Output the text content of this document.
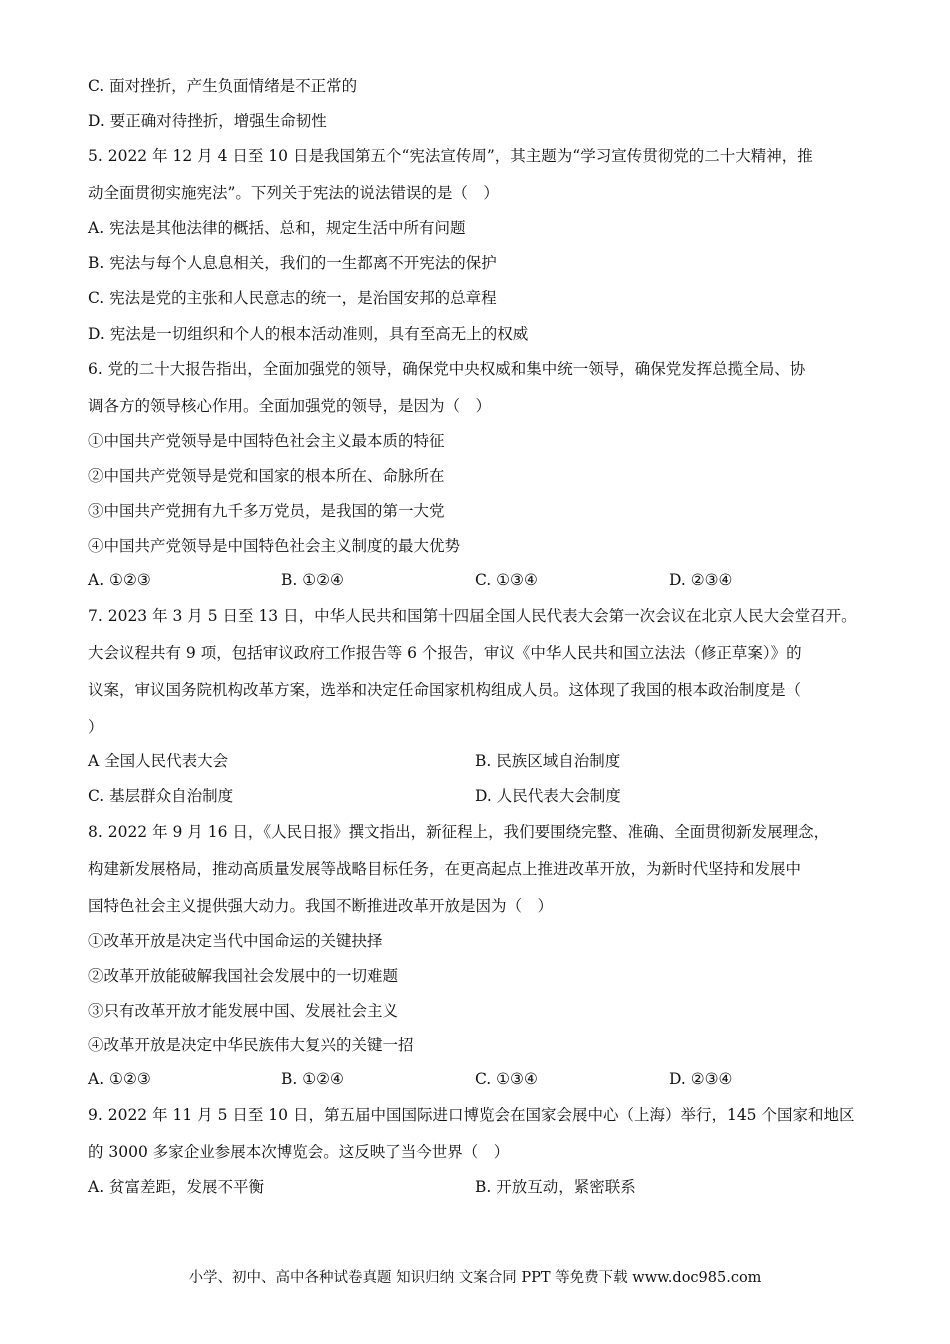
C. 面对挫折，产生负面情绪是不正常的
D. 要正确对待挫折，增强生命韧性
5. 2022 年 12 月 4 日至 10 日是我国第五个“宪法宣传周”，其主题为“学习宣传贯彻党的二十大精神，推
动全面贯彻实施宪法”。下列关于宪法的说法错误的是（　）
A. 宪法是其他法律的概括、总和，规定生活中所有问题
B. 宪法与每个人息息相关，我们的一生都离不开宪法的保护
C. 宪法是党的主张和人民意志的统一，是治国安邦的总章程
D. 宪法是一切组织和个人的根本活动准则，具有至高无上的权威
6. 党的二十大报告指出，全面加强党的领导，确保党中央权威和集中统一领导，确保党发挥总揽全局、协
调各方的领导核心作用。全面加强党的领导，是因为（　）
①中国共产党领导是中国特色社会主义最本质的特征
②中国共产党领导是党和国家的根本所在、命脉所在
③中国共产党拥有九千多万党员，是我国的第一大党
④中国共产党领导是中国特色社会主义制度的最大优势
A. ①②③	B. ①②④	C. ①③④	D. ②③④
7. 2023 年 3 月 5 日至 13 日，中华人民共和国第十四届全国人民代表大会第一次会议在北京人民大会堂召开。
大会议程共有 9 项，包括审议政府工作报告等 6 个报告，审议《中华人民共和国立法法（修正草案）》的
议案，审议国务院机构改革方案，选举和决定任命国家机构组成人员。这体现了我国的根本政治制度是（
）
A 全国人民代表大会	B. 民族区域自治制度
C. 基层群众自治制度	D. 人民代表大会制度
8. 2022 年 9 月 16 日，《人民日报》撰文指出，新征程上，我们要围绕完整、准确、全面贯彻新发展理念，
构建新发展格局，推动高质量发展等战略目标任务，在更高起点上推进改革开放，为新时代坚持和发展中
国特色社会主义提供强大动力。我国不断推进改革开放是因为（　）
①改革开放是决定当代中国命运的关键抉择
②改革开放能破解我国社会发展中的一切难题
③只有改革开放才能发展中国、发展社会主义
④改革开放是决定中华民族伟大复兴的关键一招
A. ①②③	B. ①②④	C. ①③④	D. ②③④
9. 2022 年 11 月 5 日至 10 日，第五届中国国际进口博览会在国家会展中心（上海）举行，145 个国家和地区
的 3000 多家企业参展本次博览会。这反映了当今世界（　）
A. 贫富差距，发展不平衡	B. 开放互动，紧密联系
小学、初中、高中各种试卷真题 知识归纳 文案合同 PPT 等免费下载 www.doc985.com
